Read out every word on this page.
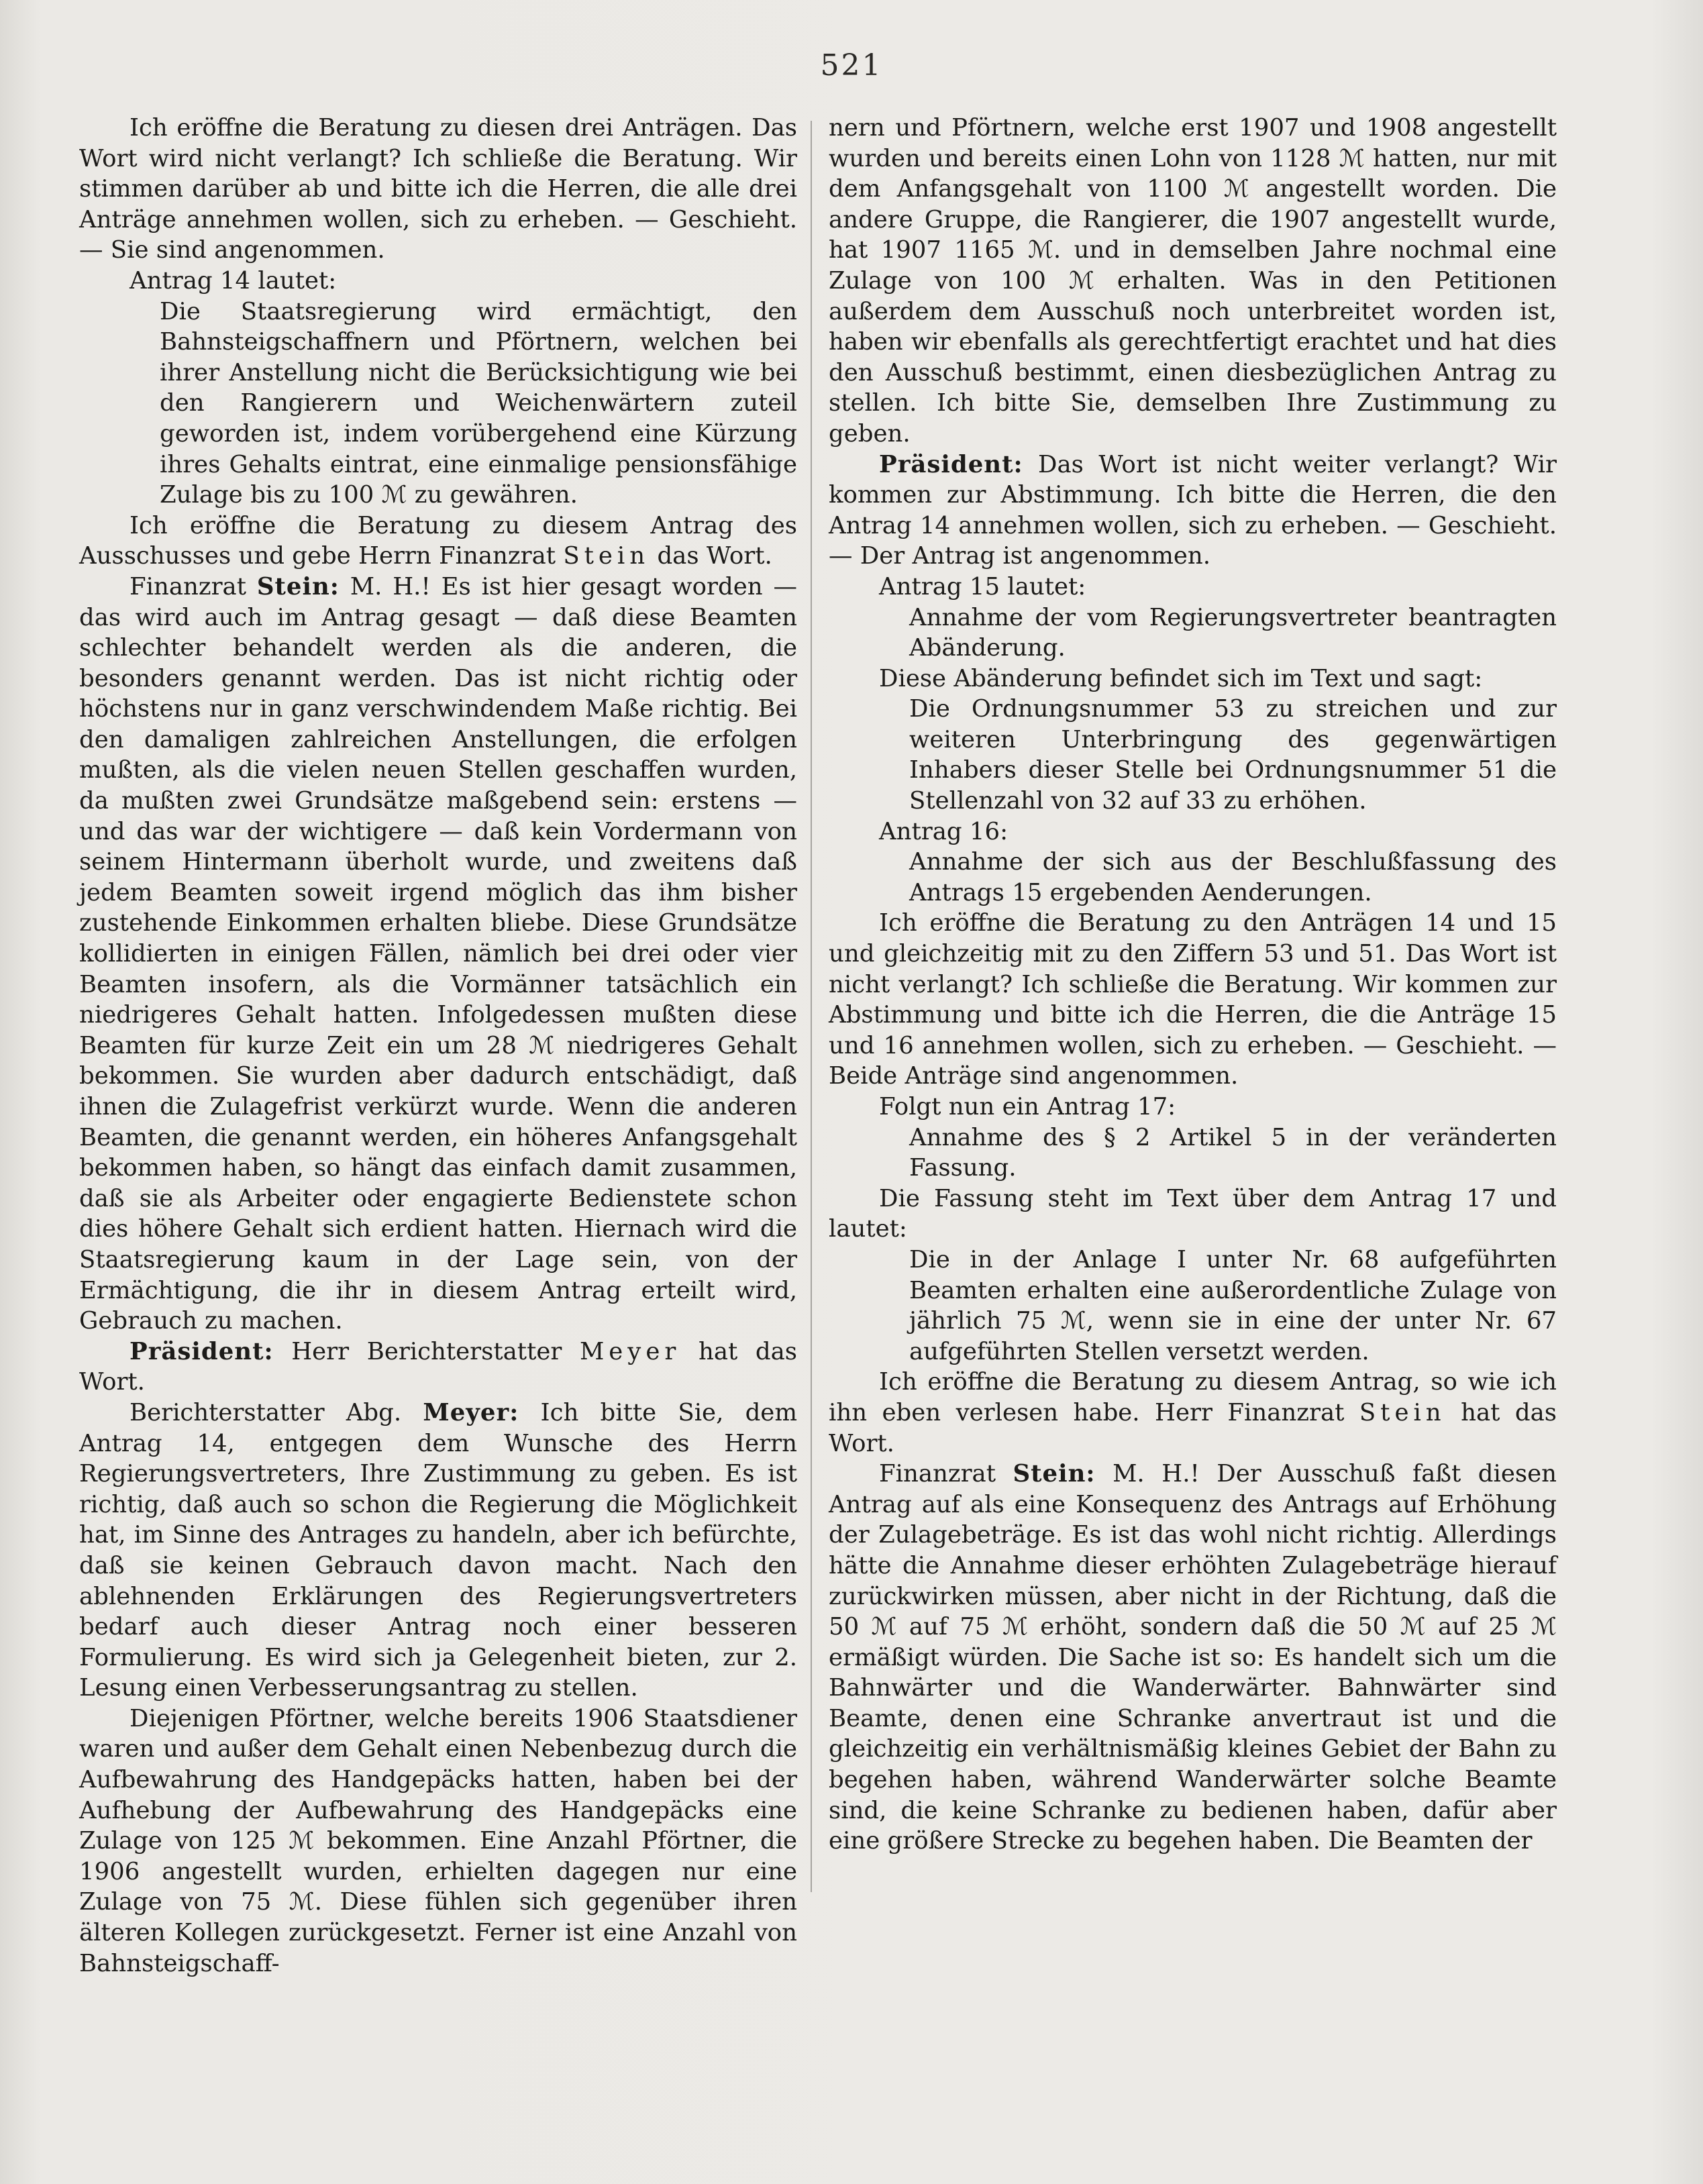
521

Ich eröffne die Beratung zu diesen drei Anträgen. Das Wort wird nicht verlangt? Ich schließe die Beratung. Wir stimmen darüber ab und bitte ich die Herren, die alle drei Anträge annehmen wollen, sich zu erheben. — Geschieht. — Sie sind angenommen.

Antrag 14 lautet:

Die Staatsregierung wird ermächtigt, den Bahnsteigschaffnern und Pförtnern, welchen bei ihrer Anstellung nicht die Berücksichtigung wie bei den Rangierern und Weichenwärtern zuteil geworden ist, indem vorübergehend eine Kürzung ihres Gehalts eintrat, eine einmalige pensionsfähige Zulage bis zu 100 ℳ zu gewähren.

Ich eröffne die Beratung zu diesem Antrag des Ausschusses und gebe Herrn Finanzrat Stein das Wort.

Finanzrat Stein: M. H.! Es ist hier gesagt worden — das wird auch im Antrag gesagt — daß diese Beamten schlechter behandelt werden als die anderen, die besonders genannt werden. Das ist nicht richtig oder höchstens nur in ganz verschwindendem Maße richtig. Bei den damaligen zahlreichen Anstellungen, die erfolgen mußten, als die vielen neuen Stellen geschaffen wurden, da mußten zwei Grundsätze maßgebend sein: erstens — und das war der wichtigere — daß kein Vordermann von seinem Hintermann überholt wurde, und zweitens daß jedem Beamten soweit irgend möglich das ihm bisher zustehende Einkommen erhalten bliebe. Diese Grundsätze kollidierten in einigen Fällen, nämlich bei drei oder vier Beamten insofern, als die Vormänner tatsächlich ein niedrigeres Gehalt hatten. Infolgedessen mußten diese Beamten für kurze Zeit ein um 28 ℳ niedrigeres Gehalt bekommen. Sie wurden aber dadurch entschädigt, daß ihnen die Zulagefrist verkürzt wurde. Wenn die anderen Beamten, die genannt werden, ein höheres Anfangsgehalt bekommen haben, so hängt das einfach damit zusammen, daß sie als Arbeiter oder engagierte Bedienstete schon dies höhere Gehalt sich erdient hatten. Hiernach wird die Staatsregierung kaum in der Lage sein, von der Ermächtigung, die ihr in diesem Antrag erteilt wird, Gebrauch zu machen.

Präsident: Herr Berichterstatter Meyer hat das Wort.

Berichterstatter Abg. Meyer: Ich bitte Sie, dem Antrag 14, entgegen dem Wunsche des Herrn Regierungsvertreters, Ihre Zustimmung zu geben. Es ist richtig, daß auch so schon die Regierung die Möglichkeit hat, im Sinne des Antrages zu handeln, aber ich befürchte, daß sie keinen Gebrauch davon macht. Nach den ablehnenden Erklärungen des Regierungsvertreters bedarf auch dieser Antrag noch einer besseren Formulierung. Es wird sich ja Gelegenheit bieten, zur 2. Lesung einen Verbesserungsantrag zu stellen.

Diejenigen Pförtner, welche bereits 1906 Staatsdiener waren und außer dem Gehalt einen Nebenbezug durch die Aufbewahrung des Handgepäcks hatten, haben bei der Aufhebung der Aufbewahrung des Handgepäcks eine Zulage von 125 ℳ bekommen. Eine Anzahl Pförtner, die 1906 angestellt wurden, erhielten dagegen nur eine Zulage von 75 ℳ. Diese fühlen sich gegenüber ihren älteren Kollegen zurückgesetzt. Ferner ist eine Anzahl von Bahnsteigschaff-

nern und Pförtnern, welche erst 1907 und 1908 angestellt wurden und bereits einen Lohn von 1128 ℳ hatten, nur mit dem Anfangsgehalt von 1100 ℳ angestellt worden. Die andere Gruppe, die Rangierer, die 1907 angestellt wurde, hat 1907 1165 ℳ. und in demselben Jahre nochmal eine Zulage von 100 ℳ erhalten. Was in den Petitionen außerdem dem Ausschuß noch unterbreitet worden ist, haben wir ebenfalls als gerechtfertigt erachtet und hat dies den Ausschuß bestimmt, einen diesbezüglichen Antrag zu stellen. Ich bitte Sie, demselben Ihre Zustimmung zu geben.

Präsident: Das Wort ist nicht weiter verlangt? Wir kommen zur Abstimmung. Ich bitte die Herren, die den Antrag 14 annehmen wollen, sich zu erheben. — Geschieht. — Der Antrag ist angenommen.

Antrag 15 lautet:

Annahme der vom Regierungsvertreter beantragten Abänderung.

Diese Abänderung befindet sich im Text und sagt:

Die Ordnungsnummer 53 zu streichen und zur weiteren Unterbringung des gegenwärtigen Inhabers dieser Stelle bei Ordnungsnummer 51 die Stellenzahl von 32 auf 33 zu erhöhen.

Antrag 16:

Annahme der sich aus der Beschlußfassung des Antrags 15 ergebenden Aenderungen.

Ich eröffne die Beratung zu den Anträgen 14 und 15 und gleichzeitig mit zu den Ziffern 53 und 51. Das Wort ist nicht verlangt? Ich schließe die Beratung. Wir kommen zur Abstimmung und bitte ich die Herren, die die Anträge 15 und 16 annehmen wollen, sich zu erheben. — Geschieht. — Beide Anträge sind angenommen.

Folgt nun ein Antrag 17:

Annahme des § 2 Artikel 5 in der veränderten Fassung.

Die Fassung steht im Text über dem Antrag 17 und lautet:

Die in der Anlage I unter Nr. 68 aufgeführten Beamten erhalten eine außerordentliche Zulage von jährlich 75 ℳ, wenn sie in eine der unter Nr. 67 aufgeführten Stellen versetzt werden.

Ich eröffne die Beratung zu diesem Antrag, so wie ich ihn eben verlesen habe. Herr Finanzrat Stein hat das Wort.

Finanzrat Stein: M. H.! Der Ausschuß faßt diesen Antrag auf als eine Konsequenz des Antrags auf Erhöhung der Zulagebeträge. Es ist das wohl nicht richtig. Allerdings hätte die Annahme dieser erhöhten Zulagebeträge hierauf zurückwirken müssen, aber nicht in der Richtung, daß die 50 ℳ auf 75 ℳ erhöht, sondern daß die 50 ℳ auf 25 ℳ ermäßigt würden. Die Sache ist so: Es handelt sich um die Bahnwärter und die Wanderwärter. Bahnwärter sind Beamte, denen eine Schranke anvertraut ist und die gleichzeitig ein verhältnismäßig kleines Gebiet der Bahn zu begehen haben, während Wanderwärter solche Beamte sind, die keine Schranke zu bedienen haben, dafür aber eine größere Strecke zu begehen haben. Die Beamten der
